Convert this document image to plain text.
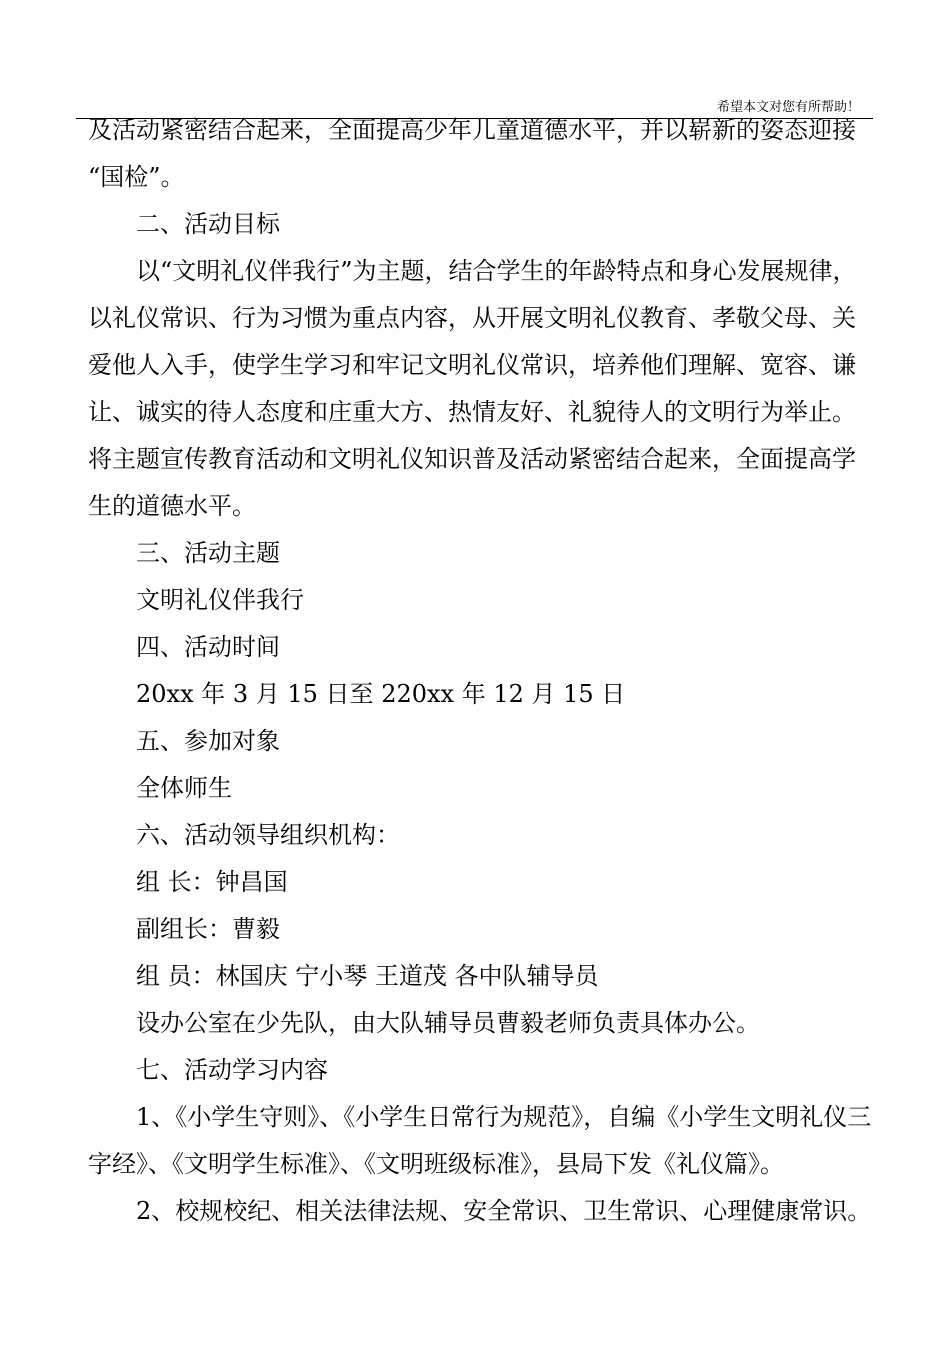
希望本文对您有所帮助！
及活动紧密结合起来，全面提高少年儿童道德水平，并以崭新的姿态迎接
“国检”。
二、活动目标
以“文明礼仪伴我行”为主题，结合学生的年龄特点和身心发展规律，
以礼仪常识、行为习惯为重点内容，从开展文明礼仪教育、孝敬父母、关
爱他人入手，使学生学习和牢记文明礼仪常识，培养他们理解、宽容、谦
让、诚实的待人态度和庄重大方、热情友好、礼貌待人的文明行为举止。
将主题宣传教育活动和文明礼仪知识普及活动紧密结合起来，全面提高学
生的道德水平。
三、活动主题
文明礼仪伴我行
四、活动时间
20xx 年 3 月 15 日至 220xx 年 12 月 15 日
五、参加对象
全体师生
六、活动领导组织机构：
组 长：钟昌国
副组长：曹毅
组 员：林国庆 宁小琴 王道茂 各中队辅导员
设办公室在少先队，由大队辅导员曹毅老师负责具体办公。
七、活动学习内容
1、《小学生守则》、《小学生日常行为规范》，自编《小学生文明礼仪三
字经》、《文明学生标准》、《文明班级标准》，县局下发《礼仪篇》。
2、校规校纪、相关法律法规、安全常识、卫生常识、心理健康常识。
